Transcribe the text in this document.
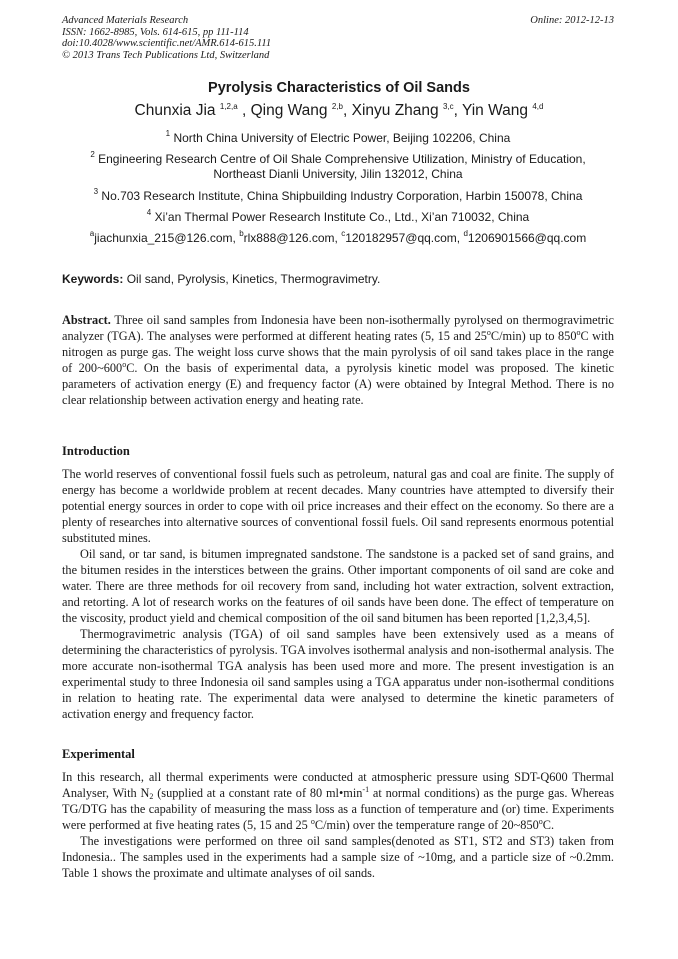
Advanced Materials Research
ISSN: 1662-8985, Vols. 614-615, pp 111-114
doi:10.4028/www.scientific.net/AMR.614-615.111
© 2013 Trans Tech Publications Ltd, Switzerland
Online: 2012-12-13
Pyrolysis Characteristics of Oil Sands
Chunxia Jia $^{1,2,a}$ , Qing Wang $^{2,b}$, Xinyu Zhang $^{3,c}$, Yin Wang $^{4,d}$
$^1$ North China University of Electric Power, Beijing 102206, China
$^2$ Engineering Research Centre of Oil Shale Comprehensive Utilization, Ministry of Education,
Northeast Dianli University, Jilin 132012, China
$^3$ No.703 Research Institute, China Shipbuilding Industry Corporation, Harbin 150078, China
$^4$ Xi’an Thermal Power Research Institute Co., Ltd., Xi’an 710032, China
$^a$jiachunxia_215@126.com, $^b$rlx888@126.com, $^c$120182957@qq.com, $^d$1206901566@qq.com
Keywords: Oil sand, Pyrolysis, Kinetics, Thermogravimetry.

Abstract. Three oil sand samples from Indonesia have been non-isothermally pyrolysed on thermogravimetric analyzer (TGA). The analyses were performed at different heating rates (5, 15 and 25$^o$C/min) up to 850$^o$C with nitrogen as purge gas. The weight loss curve shows that the main pyrolysis of oil sand takes place in the range of 200~600$^o$C. On the basis of experimental data, a pyrolysis kinetic model was proposed. The kinetic parameters of activation energy (E) and frequency factor (A) were obtained by Integral Method. There is no clear relationship between activation energy and heating rate.

Introduction

The world reserves of conventional fossil fuels such as petroleum, natural gas and coal are finite. The supply of energy has become a worldwide problem at recent decades. Many countries have attempted to diversify their potential energy sources in order to cope with oil price increases and their effect on the economy. So there are a plenty of researches into alternative sources of conventional fossil fuels. Oil sand represents enormous potential substituted mines.

Oil sand, or tar sand, is bitumen impregnated sandstone. The sandstone is a packed set of sand grains, and the bitumen resides in the interstices between the grains. Other important components of oil sand are coke and water. There are three methods for oil recovery from sand, including hot water extraction, solvent extraction, and retorting. A lot of research works on the features of oil sands have been done. The effect of temperature on the viscosity, product yield and chemical composition of the oil sand bitumen has been reported [1,2,3,4,5].

Thermogravimetric analysis (TGA) of oil sand samples have been extensively used as a means of determining the characteristics of pyrolysis. TGA involves isothermal analysis and non-isothermal analysis. The more accurate non-isothermal TGA analysis has been used more and more. The present investigation is an experimental study to three Indonesia oil sand samples using a TGA apparatus under non-isothermal conditions in relation to heating rate. The experimental data were analysed to determine the kinetic parameters of activation energy and frequency factor.

Experimental

In this research, all thermal experiments were conducted at atmospheric pressure using SDT-Q600 Thermal Analyser, With $N_2$ (supplied at a constant rate of 80 $ml•\min^{-1}$ at normal conditions) as the purge gas. Whereas TG/DTG has the capability of measuring the mass loss as a function of temperature and (or) time. Experiments were performed at five heating rates (5, 15 and 25 $^o$C/min) over the temperature range of 20~850$^o$C.

The investigations were performed on three oil sand samples(denoted as ST1, ST2 and ST3) taken from Indonesia.. The samples used in the experiments had a sample size of ~10mg, and a particle size of ~0.2mm. Table 1 shows the proximate and ultimate analyses of oil sands.
